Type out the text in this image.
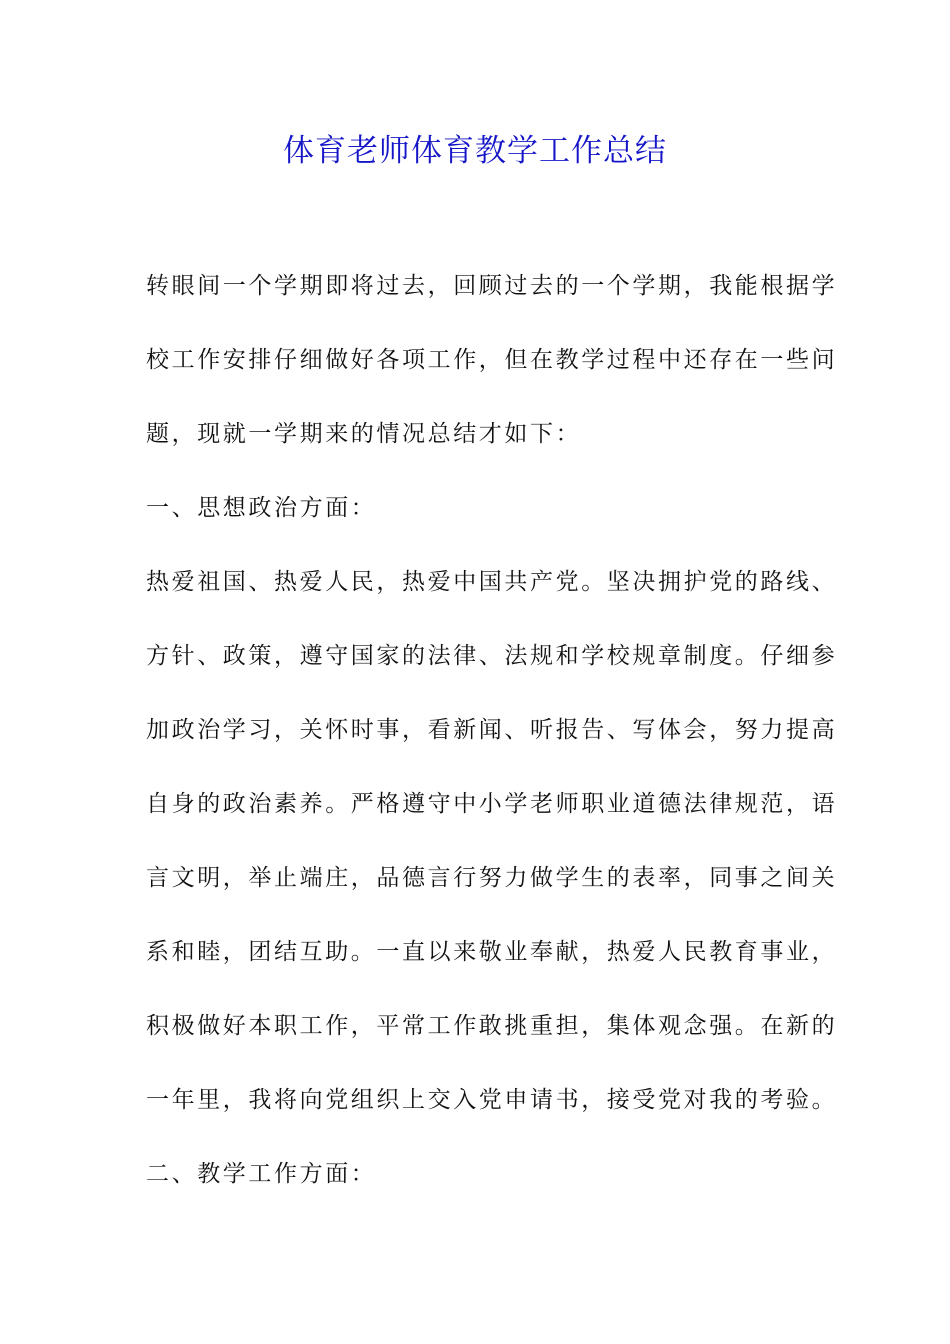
体育老师体育教学工作总结
转眼间一个学期即将过去，回顾过去的一个学期，我能根据学
校工作安排仔细做好各项工作，但在教学过程中还存在一些问
题，现就一学期来的情况总结才如下：
一、思想政治方面：
热爱祖国、热爱人民，热爱中国共产党。坚决拥护党的路线、
方针、政策，遵守国家的法律、法规和学校规章制度。仔细参
加政治学习，关怀时事，看新闻、听报告、写体会，努力提高
自身的政治素养。严格遵守中小学老师职业道德法律规范，语
言文明，举止端庄，品德言行努力做学生的表率，同事之间关
系和睦，团结互助。一直以来敬业奉献，热爱人民教育事业，
积极做好本职工作，平常工作敢挑重担，集体观念强。在新的
一年里，我将向党组织上交入党申请书，接受党对我的考验。
二、教学工作方面：
